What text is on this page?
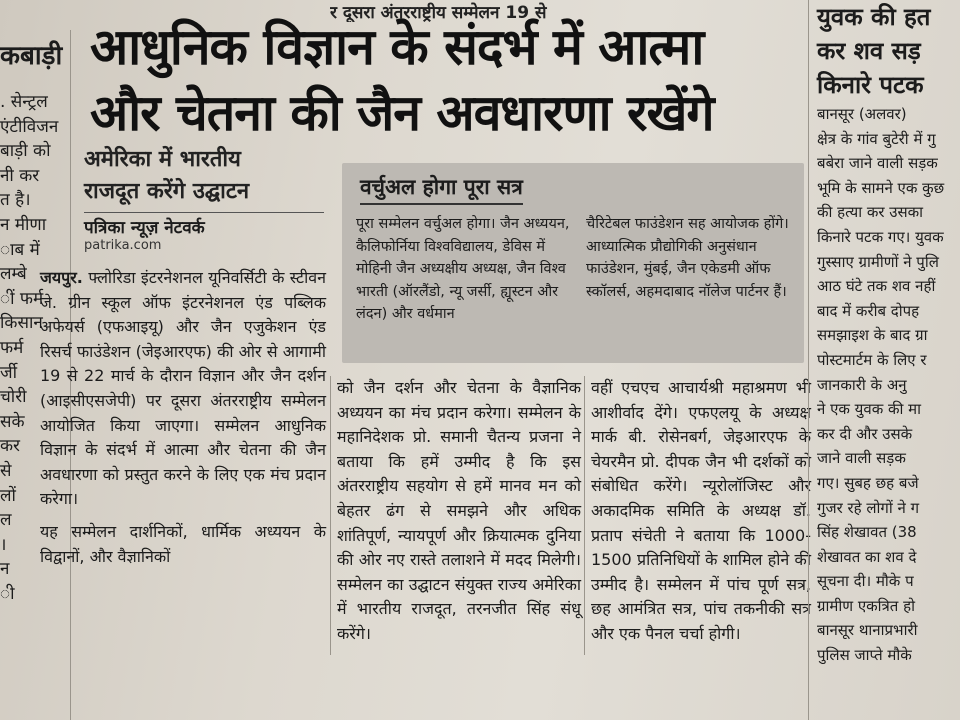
र दूसरा अंतरराष्ट्रीय सम्मेलन 19 से
कबाड़ी

. सेन्ट्रल

एंटीविजन

बाड़ी को

नी कर

त है।

न मीणा

ाब में

लम्बे

ीं फर्म

किसान

फर्म

र्जी

चोरी

सके

कर

से

लों

ल

।

न

ी

आधुनिक विज्ञान के संदर्भ में आत्मा
और चेतना की जैन अवधारणा रखेंगे
अमेरिका में भारतीय
राजदूत करेंगे उद्घाटन
पत्रिका न्यूज़ नेटवर्क
patrika.com
वर्चुअल होगा पूरा सत्र
पूरा सम्मेलन वर्चुअल होगा। जैन अध्ययन, कैलिफोर्निया विश्वविद्यालय, डेविस में मोहिनी जैन अध्यक्षीय अध्यक्ष, जैन विश्व भारती (ऑरलैंडो, न्यू जर्सी, ह्यूस्टन और लंदन) और वर्धमान
चैरिटेबल फाउंडेशन सह आयोजक होंगे। आध्यात्मिक प्रौद्योगिकी अनुसंधान फाउंडेशन, मुंबई, जैन एकेडमी ऑफ स्कॉलर्स, अहमदाबाद नॉलेज पार्टनर हैं।

जयपुर. फ्लोरिडा इंटरनेशनल यूनिवर्सिटी के स्टीवन जे. ग्रीन स्कूल ऑफ इंटरनेशनल एंड पब्लिक अफेयर्स (एफआइयू) और जैन एजुकेशन एंड रिसर्च फाउंडेशन (जेइआरएफ) की ओर से आगामी 19 से 22 मार्च के दौरान विज्ञान और जैन दर्शन (आइसीएसजेपी) पर दूसरा अंतरराष्ट्रीय सम्मेलन आयोजित किया जाएगा। सम्मेलन आधुनिक विज्ञान के संदर्भ में आत्मा और चेतना की जैन अवधारणा को प्रस्तुत करने के लिए एक मंच प्रदान करेगा।

यह सम्मेलन दार्शनिकों, धार्मिक अध्ययन के विद्वानों, और वैज्ञानिकों

को जैन दर्शन और चेतना के वैज्ञानिक अध्ययन का मंच प्रदान करेगा। सम्मेलन के महानिदेशक प्रो. समानी चैतन्य प्रजना ने बताया कि हमें उम्मीद है कि इस अंतरराष्ट्रीय सहयोग से हमें मानव मन को बेहतर ढंग से समझने और अधिक शांतिपूर्ण, न्यायपूर्ण और क्रियात्मक दुनिया की ओर नए रास्ते तलाशने में मदद मिलेगी। सम्मेलन का उद्घाटन संयुक्त राज्य अमेरिका में भारतीय राजदूत, तरनजीत सिंह संधू करेंगे।

वहीं एचएच आचार्यश्री महाश्रमण भी आशीर्वाद देंगे। एफएलयू के अध्यक्ष मार्क बी. रोसेनबर्ग, जेइआरएफ के चेयरमैन प्रो. दीपक जैन भी दर्शकों को संबोधित करेंगे। न्यूरोलॉजिस्ट और अकादमिक समिति के अध्यक्ष डॉ. प्रताप संचेती ने बताया कि 1000-1500 प्रतिनिधियों के शामिल होने की उम्मीद है। सम्मेलन में पांच पूर्ण सत्र, छह आमंत्रित सत्र, पांच तकनीकी सत्र और एक पैनल चर्चा होगी।

युवक की हत
कर शव सड़
किनारे पटक

बानसूर (अलवर)

क्षेत्र के गांव बुटेरी में गु

बबेरा जाने वाली सड़क

भूमि के सामने एक कुछ

की हत्या कर उसका

किनारे पटक गए। युवक

गुस्साए ग्रामीणों ने पुलि

आठ घंटे तक शव नहीं

बाद में करीब दोपह

समझाइश के बाद ग्रा

पोस्टमार्टम के लिए र

जानकारी के अनु

ने एक युवक की मा

कर दी और उसके

जाने वाली सड़क

गए। सुबह छह बजे

गुजर रहे लोगों ने ग

सिंह शेखावत (38

शेखावत का शव दे

सूचना दी। मौके प

ग्रामीण एकत्रित हो

बानसूर थानाप्रभारी

पुलिस जाप्ते मौके
